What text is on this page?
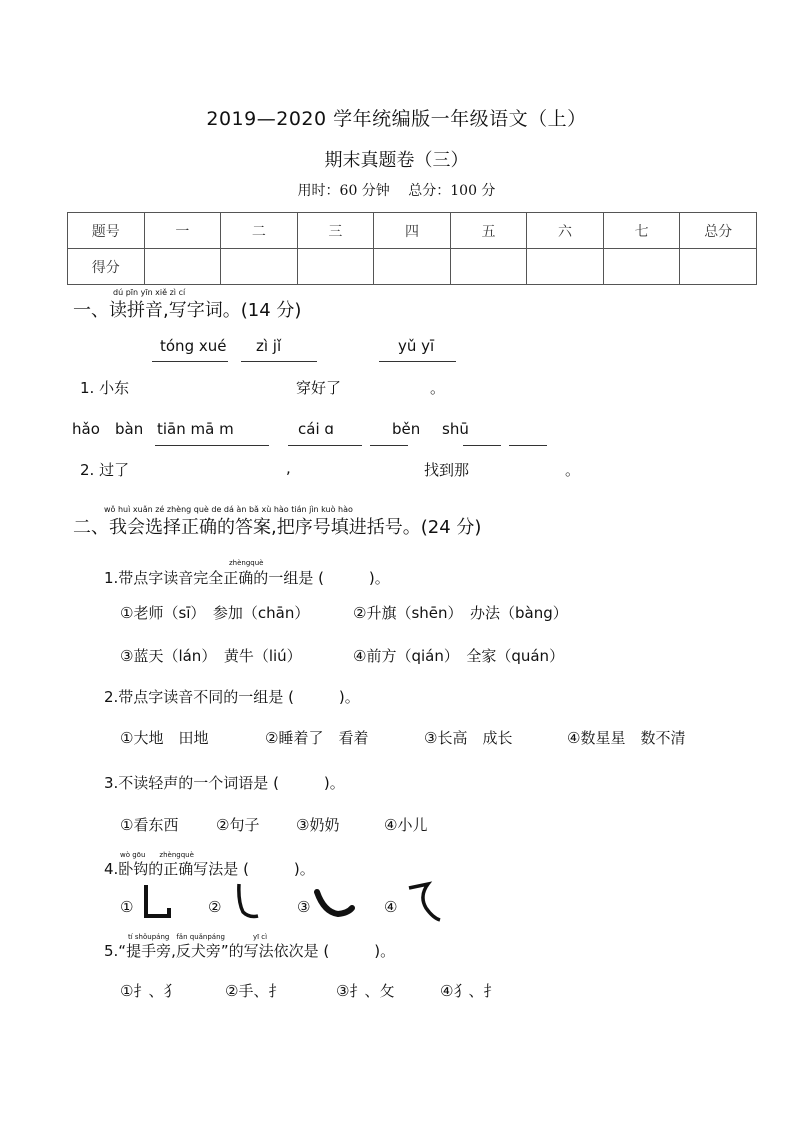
2019—2020 学年统编版一年级语文（上）
期末真题卷（三）
用时：60 分钟　 总分：100 分
题号	一	二	三	四	五	六	七	总分
得分								
dú pīn yīn xiě zì cí
一、读拼音,写字词。(14 分)
tóng xué zì jǐ	yǔ yī
1. 小东	穿好了	。
hǎo bàn tiān mā m	cái ɑ	běn shū
2. 过了	,	找到那	。
wǒ huì xuǎn zé zhèng què de dá àn bǎ xù hào tián jìn kuò hào
二、我会选择正确的答案,把序号填进括号。(24 分)
zhèngquè
1.带点字读音完全正确的一组是 (　　　)。
①老师（sī）　参加（chān）	②升旗（shēn）　办法（bàng）
③蓝天（lán）　黄牛（liú）	④前方（qián）　全家（quán）
2.带点字读音不同的一组是 (　　　)。
①大地　田地	②睡着了　看着	③长高　成长	④数星星　数不清
3.不读轻声的一个词语是 (　　　)。
①看东西	②句子 ③奶奶	④小儿
wò gōu　　zhèngquè
4.卧钩的正确写法是 (　　　)。
①	②	③	④
tí shǒupáng　fǎn quǎnpáng　　　　yī cì
5.“提手旁,反犬旁”的写法依次是 (　　　)。
①扌、犭	②手、扌	③扌、攵	④犭、扌
